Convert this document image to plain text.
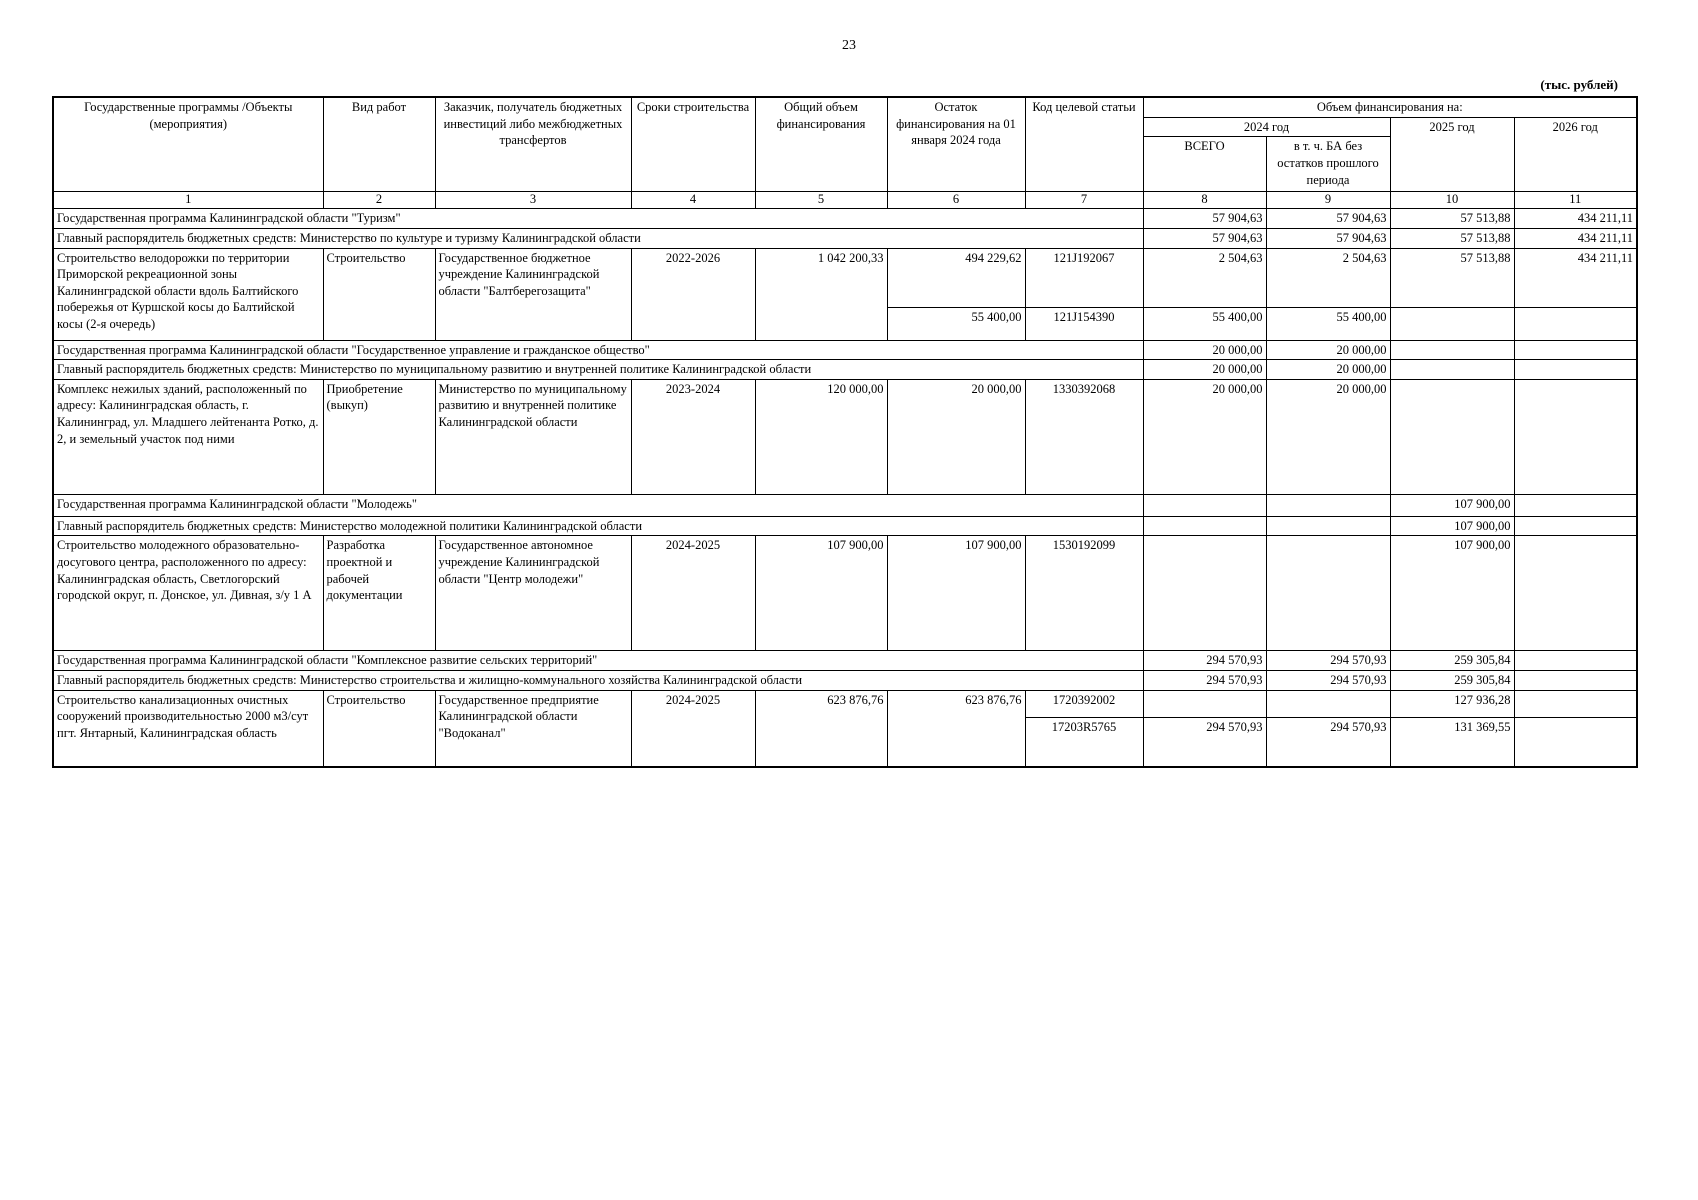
23
(тыс. рублей)
Государственные программы /Объекты (мероприятия)	Вид работ	Заказчик, получатель бюджетных инвестиций либо межбюджетных трансфертов	Сроки строительства	Общий объем финансирования	Остаток финансирования на 01 января 2024 года	Код целевой статьи	Объем финансирования на:			
							2024 год		2025 год	2026 год
							ВСЕГО	в т. ч. БА без остатков прошлого периода		
1	2	3	4	5	6	7	8	9	10	11
Государственная программа Калининградской области "Туризм"							57 904,63	57 904,63	57 513,88	434 211,11
Главный распорядитель бюджетных средств: Министерство по культуре и туризму Калининградской области							57 904,63	57 904,63	57 513,88	434 211,11
Строительство велодорожки по территории Приморской рекреационной зоны Калининградской области вдоль Балтийского побережья от Куршской косы до Балтийской косы (2-я очередь)	Строительство	Государственное бюджетное учреждение Калининградской области "Балтберегозащита"	2022-2026	1 042 200,33	494 229,62	121J192067	2 504,63	2 504,63	57 513,88	434 211,11
					55 400,00	121J154390	55 400,00	55 400,00		
Государственная программа Калининградской области "Государственное управление и гражданское общество"							20 000,00	20 000,00		
Главный распорядитель бюджетных средств: Министерство по муниципальному развитию и внутренней политике Калининградской области							20 000,00	20 000,00		
Комплекс нежилых зданий, расположенный по адресу: Калининградская область, г. Калининград, ул. Младшего лейтенанта Ротко, д. 2, и земельный участок под ними	Приобретение (выкуп)	Министерство по муниципальному развитию и внутренней политике Калининградской области	2023-2024	120 000,00	20 000,00	1330392068	20 000,00	20 000,00		
Государственная программа Калининградской области "Молодежь"									107 900,00	
Главный распорядитель бюджетных средств: Министерство молодежной политики Калининградской области									107 900,00	
Строительство молодежного образовательно-досугового центра, расположенного по адресу: Калининградская область, Светлогорский городской округ, п. Донское, ул. Дивная, з/у 1 А	Разработка проектной и рабочей документации	Государственное автономное учреждение Калининградской области "Центр молодежи"	2024-2025	107 900,00	107 900,00	1530192099			107 900,00	
Государственная программа Калининградской области "Комплексное развитие сельских территорий"							294 570,93	294 570,93	259 305,84	
Главный распорядитель бюджетных средств: Министерство строительства и жилищно-коммунального хозяйства Калининградской области							294 570,93	294 570,93	259 305,84	
Строительство канализационных очистных сооружений производительностью 2000 м3/сут пгт. Янтарный, Калининградская область	Строительство	Государственное предприятие Калининградской области "Водоканал"	2024-2025	623 876,76	623 876,76	1720392002			127 936,28	
						17203R5765	294 570,93	294 570,93	131 369,55	
